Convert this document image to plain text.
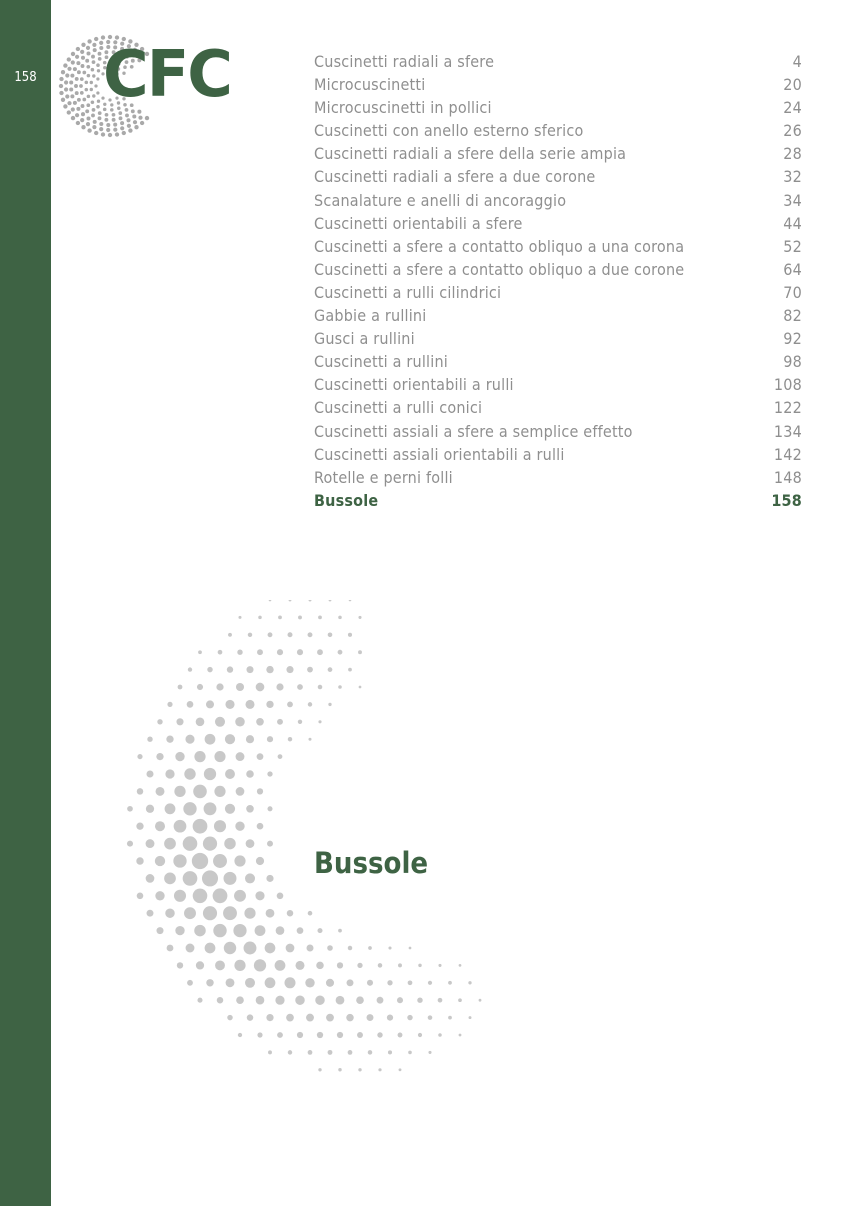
158 CFC	Cuscinetti radiali a sfere	4
Microcuscinetti	20
Microcuscinetti in pollici	24
Cuscinetti con anello esterno sferico	26
Cuscinetti radiali a sfere della serie ampia	28
Cuscinetti radiali a sfere a due corone	32
Scanalature e anelli di ancoraggio	34
Cuscinetti orientabili a sfere	44
Cuscinetti a sfere a contatto obliquo a una corona	52
Cuscinetti a sfere a contatto obliquo a due corone	64
Cuscinetti a rulli cilindrici	70
Gabbie a rullini	82
Gusci a rullini	92
Cuscinetti a rullini	98
Cuscinetti orientabili a rulli	108
Cuscinetti a rulli conici	122
Cuscinetti assiali a sfere a semplice effetto	134
Cuscinetti assiali orientabili a rulli	142
Rotelle e perni folli	148
Bussole	158
Bussole
